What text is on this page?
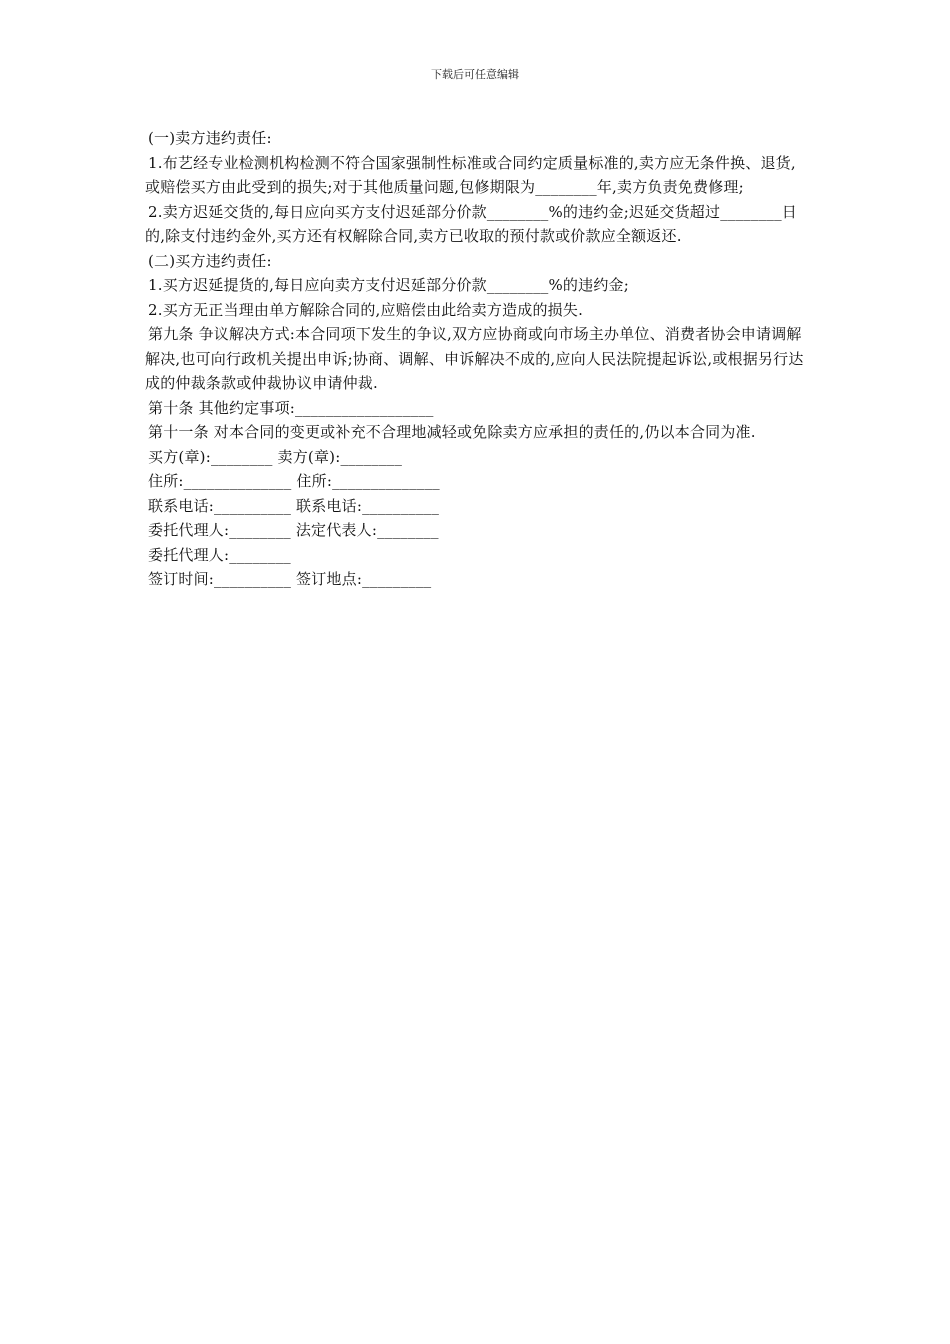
下载后可任意编辑

(一)卖方违约责任:

1.布艺经专业检测机构检测不符合国家强制性标准或合同约定质量标准的,卖方应无条件换、退货,或赔偿买方由此受到的损失;对于其他质量问题,包修期限为________年,卖方负责免费修理;

2.卖方迟延交货的,每日应向买方支付迟延部分价款________%的违约金;迟延交货超过________日的,除支付违约金外,买方还有权解除合同,卖方已收取的预付款或价款应全额返还.

(二)买方违约责任:

1.买方迟延提货的,每日应向卖方支付迟延部分价款________%的违约金;

2.买方无正当理由单方解除合同的,应赔偿由此给卖方造成的损失.

第九条 争议解决方式:本合同项下发生的争议,双方应协商或向市场主办单位、消费者协会申请调解解决,也可向行政机关提出申诉;协商、调解、申诉解决不成的,应向人民法院提起诉讼,或根据另行达成的仲裁条款或仲裁协议申请仲裁.

第十条 其他约定事项:__________________

第十一条 对本合同的变更或补充不合理地减轻或免除卖方应承担的责任的,仍以本合同为准.

买方(章):________ 卖方(章):________

住所:______________ 住所:______________

联系电话:__________ 联系电话:__________

委托代理人:________ 法定代表人:________

委托代理人:________

签订时间:__________ 签订地点:_________
